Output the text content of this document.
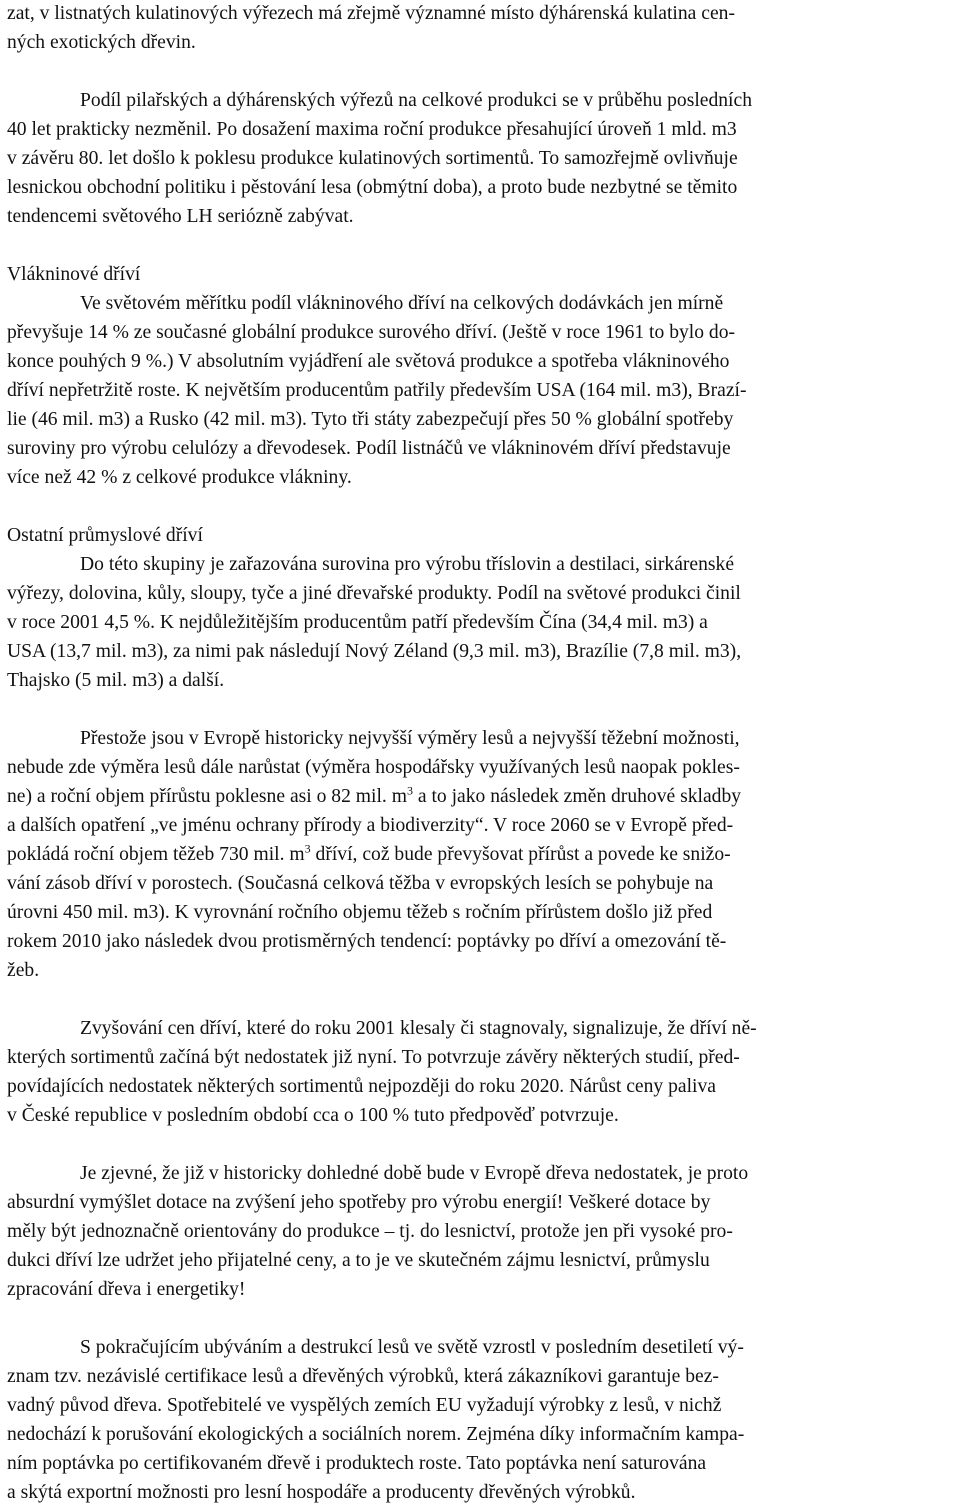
zat, v listnatých kulatinových výřezech má zřejmě významné místo dýhárenská kulatina cen-

ných exotických dřevin.

Podíl pilařských a dýhárenských výřezů na celkové produkci se v průběhu posledních

40 let prakticky nezměnil. Po dosažení maxima roční produkce přesahující úroveň 1 mld. m3

v závěru 80. let došlo k poklesu produkce kulatinových sortimentů. To samozřejmě ovlivňuje

lesnickou obchodní politiku i pěstování lesa (obmýtní doba), a proto bude nezbytné se těmito

tendencemi světového LH seriózně zabývat.

Vlákninové dříví

Ve světovém měřítku podíl vlákninového dříví na celkových dodávkách jen mírně

převyšuje 14 % ze současné globální produkce surového dříví. (Ještě v roce 1961 to bylo do-

konce pouhých 9 %.) V absolutním vyjádření ale světová produkce a spotřeba vlákninového

dříví nepřetržitě roste. K největším producentům patřily především USA (164 mil. m3), Brazí-

lie (46 mil. m3) a Rusko (42 mil. m3). Tyto tři státy zabezpečují přes 50 % globální spotřeby

suroviny pro výrobu celulózy a dřevodesek. Podíl listnáčů ve vlákninovém dříví představuje

více než 42 % z celkové produkce vlákniny.

Ostatní průmyslové dříví

Do této skupiny je zařazována surovina pro výrobu tříslovin a destilaci, sirkárenské

výřezy, dolovina, kůly, sloupy, tyče a jiné dřevařské produkty. Podíl na světové produkci činil

v roce 2001 4,5 %. K nejdůležitějším producentům patří především Čína (34,4 mil. m3) a

USA (13,7 mil. m3), za nimi pak následují Nový Zéland (9,3 mil. m3), Brazílie (7,8 mil. m3),

Thajsko (5 mil. m3) a další.

Přestože jsou v Evropě historicky nejvyšší výměry lesů a nejvyšší těžební možnosti,

nebude zde výměra lesů dále narůstat (výměra hospodářsky využívaných lesů naopak pokles-

ne) a roční objem přírůstu poklesne asi o 82 mil. $m^3$ a to jako následek změn druhové skladby

a dalších opatření „ve jménu ochrany přírody a biodiverzity“. V roce 2060 se v Evropě před-

pokládá roční objem těžeb 730 mil. $m^3$ dříví, což bude převyšovat přírůst a povede ke snižo-

vání zásob dříví v porostech. (Současná celková těžba v evropských lesích se pohybuje na

úrovni 450 mil. m3). K vyrovnání ročního objemu těžeb s ročním přírůstem došlo již před

rokem 2010 jako následek dvou protisměrných tendencí: poptávky po dříví a omezování tě-

žeb.

Zvyšování cen dříví, které do roku 2001 klesaly či stagnovaly, signalizuje, že dříví ně-

kterých sortimentů začíná být nedostatek již nyní. To potvrzuje závěry některých studií, před-

povídajících nedostatek některých sortimentů nejpozději do roku 2020. Nárůst ceny paliva

v České republice v posledním období cca o 100 % tuto předpověď potvrzuje.

Je zjevné, že již v historicky dohledné době bude v Evropě dřeva nedostatek, je proto

absurdní vymýšlet dotace na zvýšení jeho spotřeby pro výrobu energií! Veškeré dotace by

měly být jednoznačně orientovány do produkce – tj. do lesnictví, protože jen při vysoké pro-

dukci dříví lze udržet jeho přijatelné ceny, a to je ve skutečném zájmu lesnictví, průmyslu

zpracování dřeva i energetiky!

S pokračujícím ubýváním a destrukcí lesů ve světě vzrostl v posledním desetiletí vý-

znam tzv. nezávislé certifikace lesů a dřevěných výrobků, která zákazníkovi garantuje bez-

vadný původ dřeva. Spotřebitelé ve vyspělých zemích EU vyžadují výrobky z lesů, v nichž

nedochází k porušování ekologických a sociálních norem. Zejména díky informačním kampa-

ním poptávka po certifikovaném dřevě i produktech roste. Tato poptávka není saturována

a skýtá exportní možnosti pro lesní hospodáře a producenty dřevěných výrobků.
